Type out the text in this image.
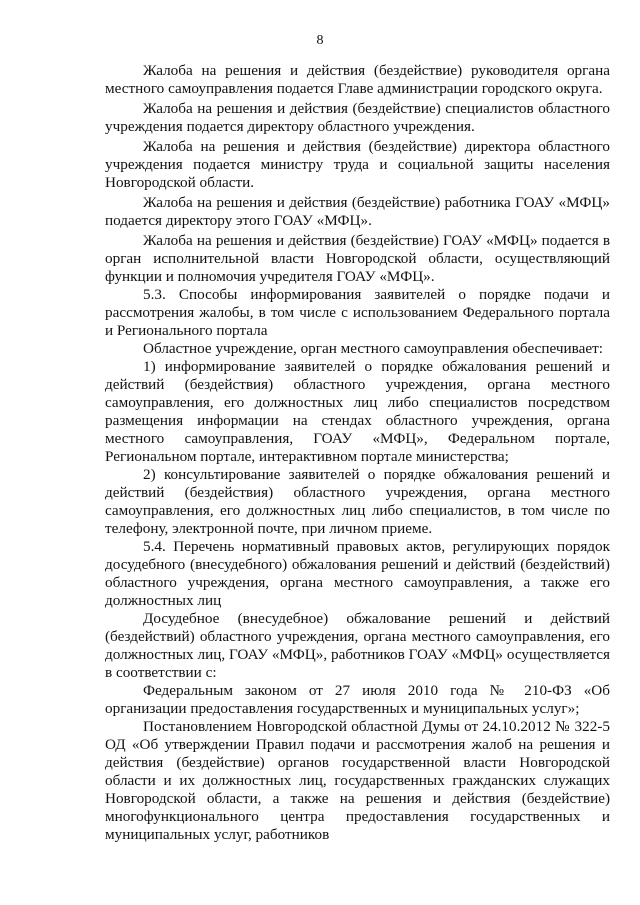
8

Жалоба на решения и действия (бездействие) руководителя органа местного самоуправления подается Главе администрации городского округа.

Жалоба на решения и действия (бездействие) специалистов областного учреждения подается директору областного учреждения.

Жалоба на решения и действия (бездействие) директора областного учреждения подается министру труда и социальной защиты населения Новгородской области.

Жалоба на решения и действия (бездействие) работника ГОАУ «МФЦ» подается директору этого ГОАУ «МФЦ».

Жалоба на решения и действия (бездействие) ГОАУ «МФЦ» подается в орган исполнительной власти Новгородской области, осуществляющий функции и полномочия учредителя ГОАУ «МФЦ».

5.3. Способы информирования заявителей о порядке подачи и рассмотрения жалобы, в том числе с использованием Федерального портала и Регионального портала

Областное учреждение, орган местного самоуправления обеспечивает:

1) информирование заявителей о порядке обжалования решений и действий (бездействия) областного учреждения, органа местного самоуправления, его должностных лиц либо специалистов посредством размещения информации на стендах областного учреждения, органа местного самоуправления, ГОАУ «МФЦ», Федеральном портале, Региональном портале, интерактивном портале министерства;

2) консультирование заявителей о порядке обжалования решений и действий (бездействия) областного учреждения, органа местного самоуправления, его должностных лиц либо специалистов, в том числе по телефону, электронной почте, при личном приеме.

5.4. Перечень нормативный правовых актов, регулирующих порядок досудебного (внесудебного) обжалования решений и действий (бездействий) областного учреждения, органа местного самоуправления, а также его должностных лиц

Досудебное (внесудебное) обжалование решений и действий (бездействий) областного учреждения, органа местного самоуправления, его должностных лиц, ГОАУ «МФЦ», работников ГОАУ «МФЦ» осуществляется в соответствии с:

Федеральным законом от 27 июля 2010 года № 210-ФЗ «Об организации предоставления государственных и муниципальных услуг»;

Постановлением Новгородской областной Думы от 24.10.2012 № 322-5 ОД «Об утверждении Правил подачи и рассмотрения жалоб на решения и действия (бездействие) органов государственной власти Новгородской области и их должностных лиц, государственных гражданских служащих Новгородской области, а также на решения и действия (бездействие) многофункционального центра предоставления государственных и муниципальных услуг, работников
